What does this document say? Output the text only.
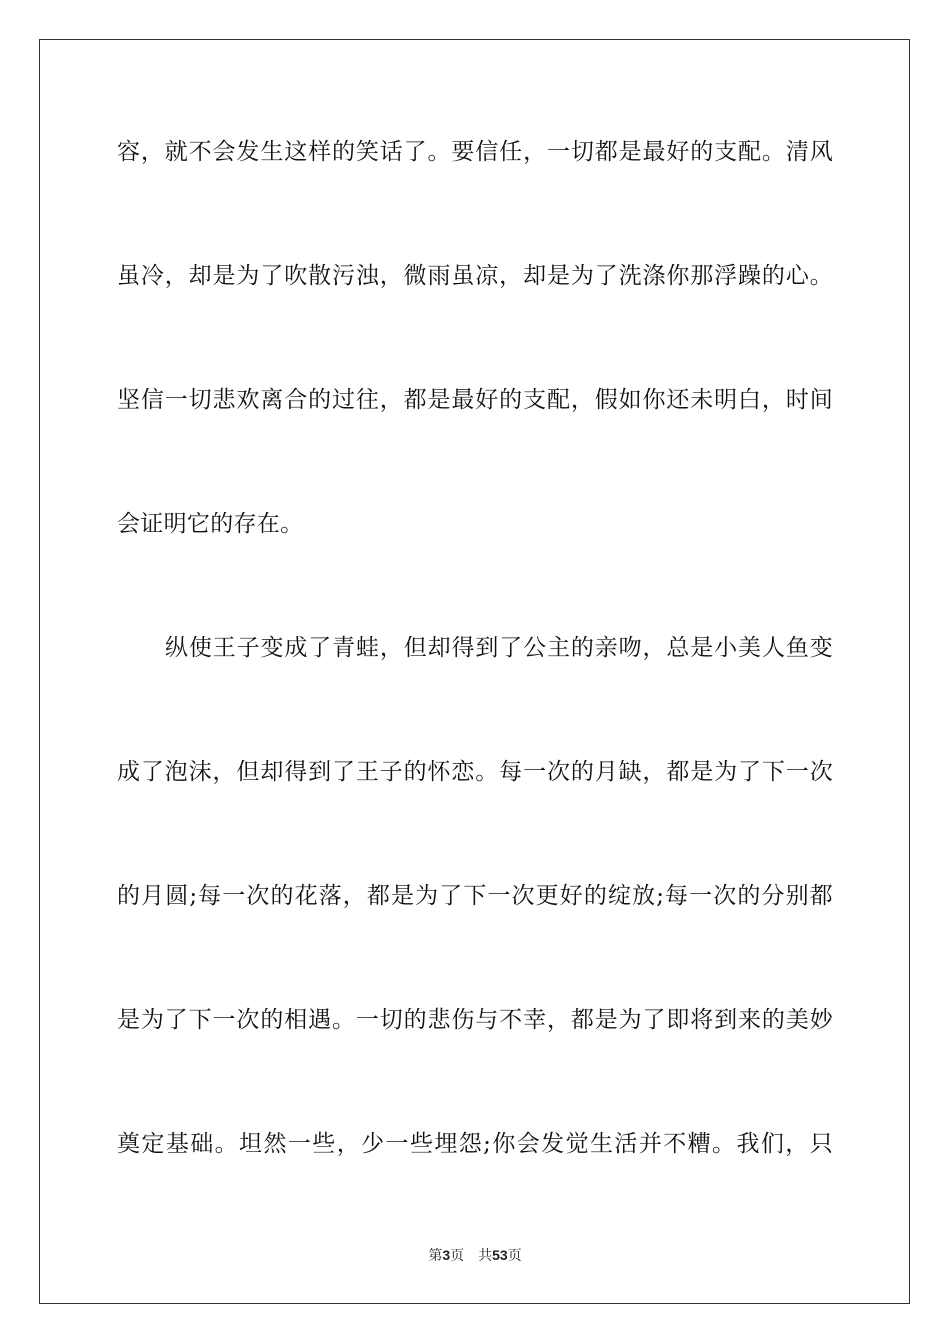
容，就不会发生这样的笑话了。要信任，一切都是最好的支配。清风
虽冷，却是为了吹散污浊，微雨虽凉，却是为了洗涤你那浮躁的心。
坚信一切悲欢离合的过往，都是最好的支配，假如你还未明白，时间
会证明它的存在。
纵使王子变成了青蛙，但却得到了公主的亲吻，总是小美人鱼变
成了泡沫，但却得到了王子的怀恋。每一次的月缺，都是为了下一次
的月圆;每一次的花落，都是为了下一次更好的绽放;每一次的分别都
是为了下一次的相遇。一切的悲伤与不幸，都是为了即将到来的美妙
奠定基础。坦然一些，少一些埋怨;你会发觉生活并不糟。我们，只
第3页 共53页
